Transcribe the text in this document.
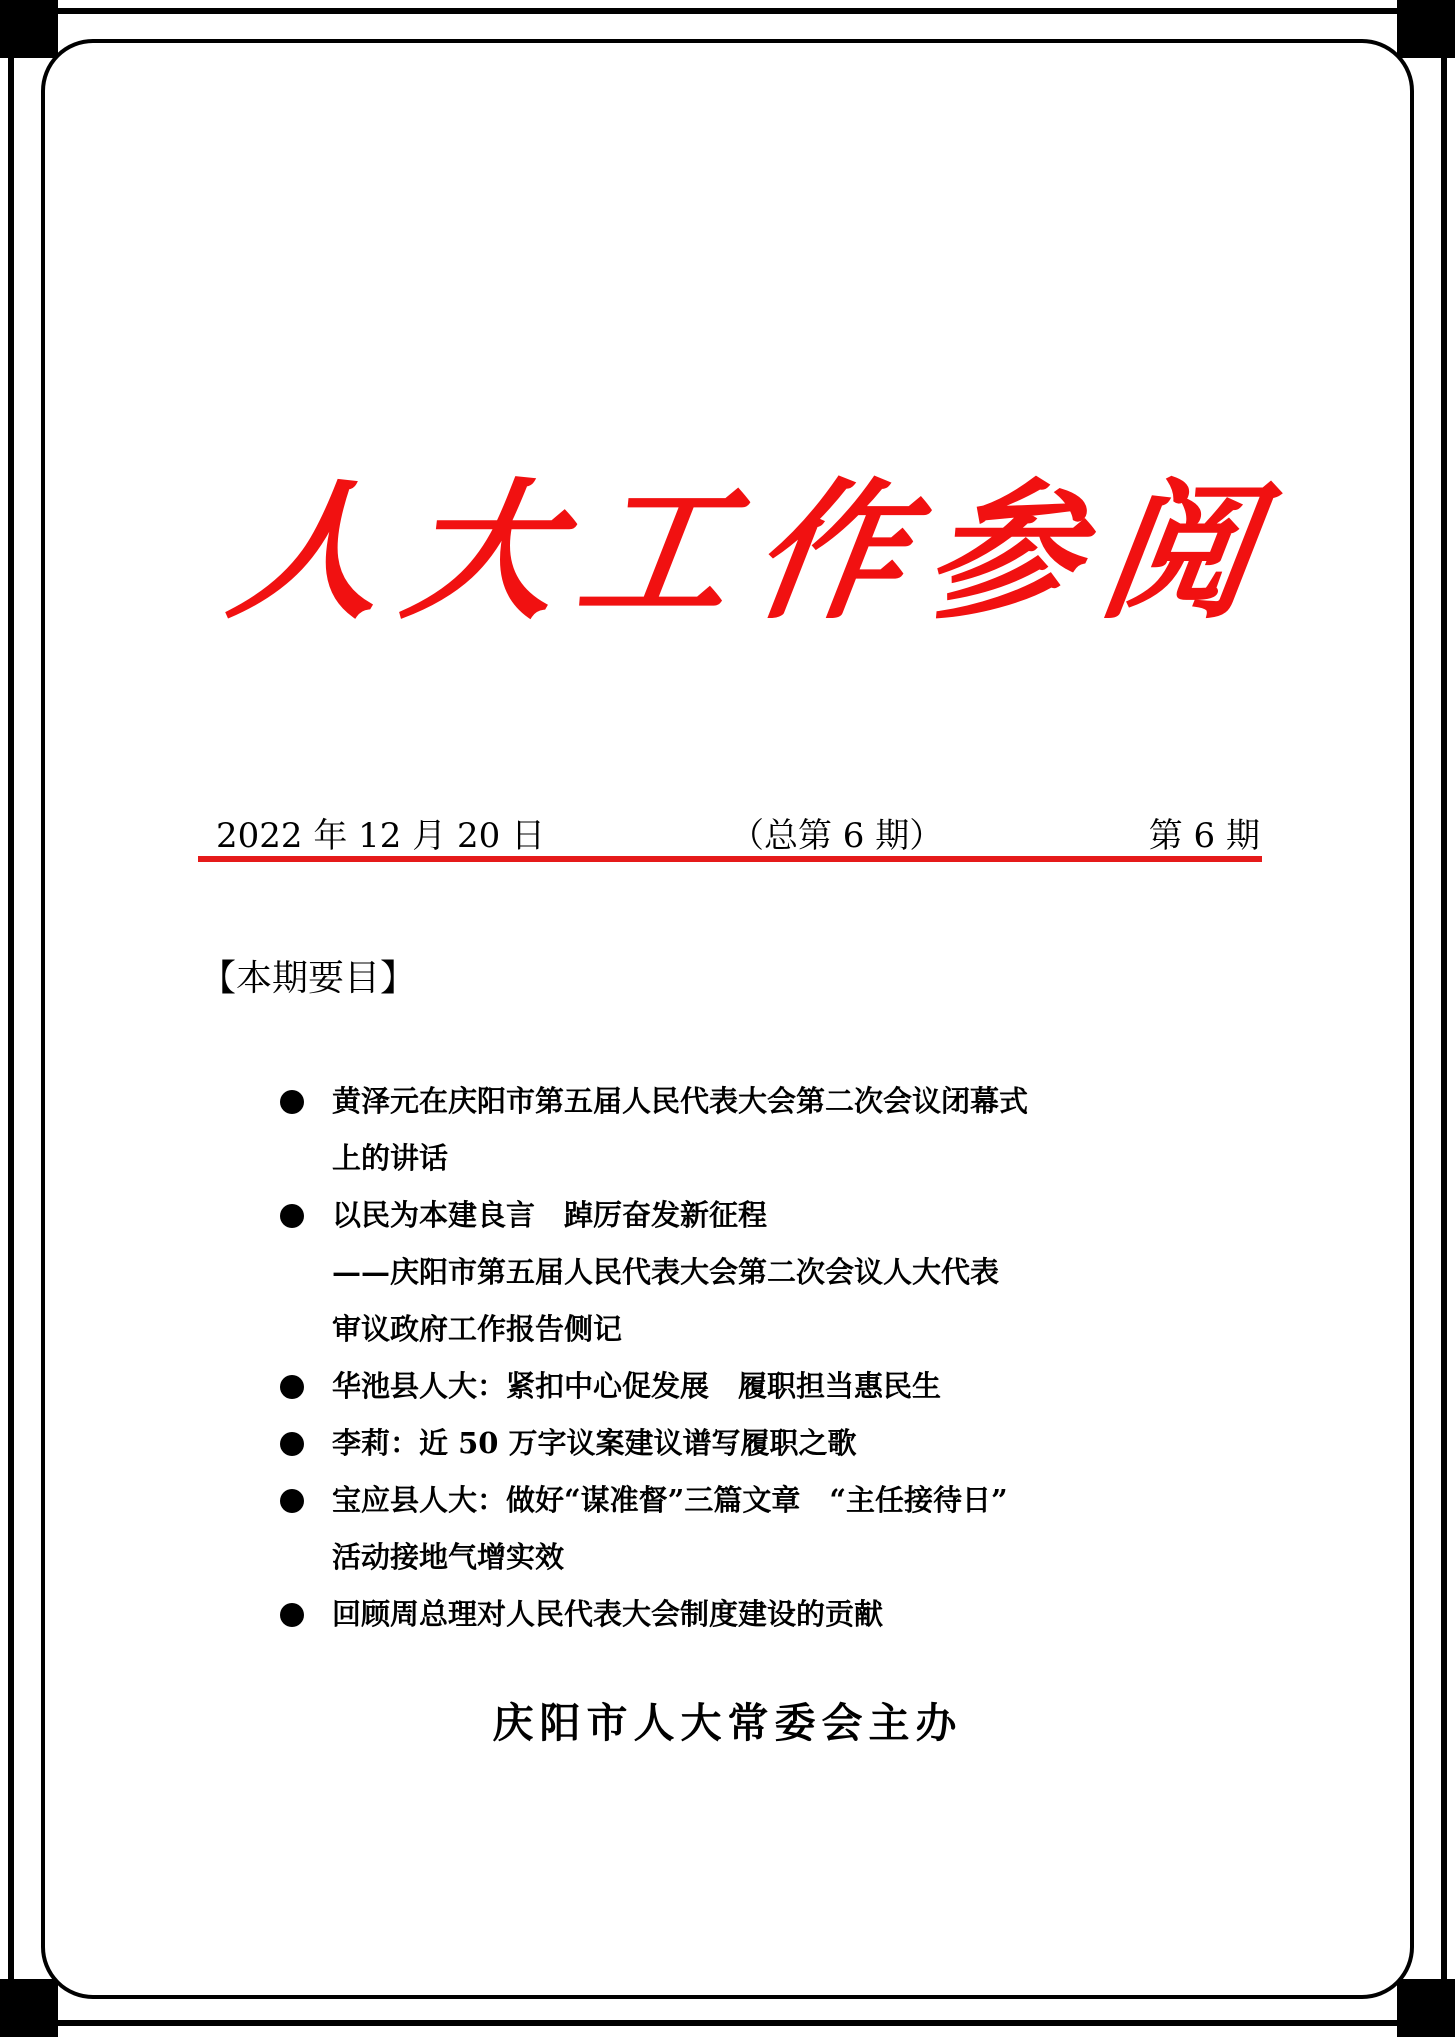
人 大 工 作 参 阅
2022 年 12 月 20 日	（总第 6 期）	第 6 期
【本期要目】
黄泽元在庆阳市第五届人民代表大会第二次会议闭幕式
上的讲话
以民为本建良言　踔厉奋发新征程
——庆阳市第五届人民代表大会第二次会议人大代表
审议政府工作报告侧记
华池县人大：紧扣中心促发展　履职担当惠民生
李莉：近 50 万字议案建议谱写履职之歌
宝应县人大：做好“谋准督”三篇文章　“主任接待日”
活动接地气增实效
回顾周总理对人民代表大会制度建设的贡献
庆阳市人大常委会主办
